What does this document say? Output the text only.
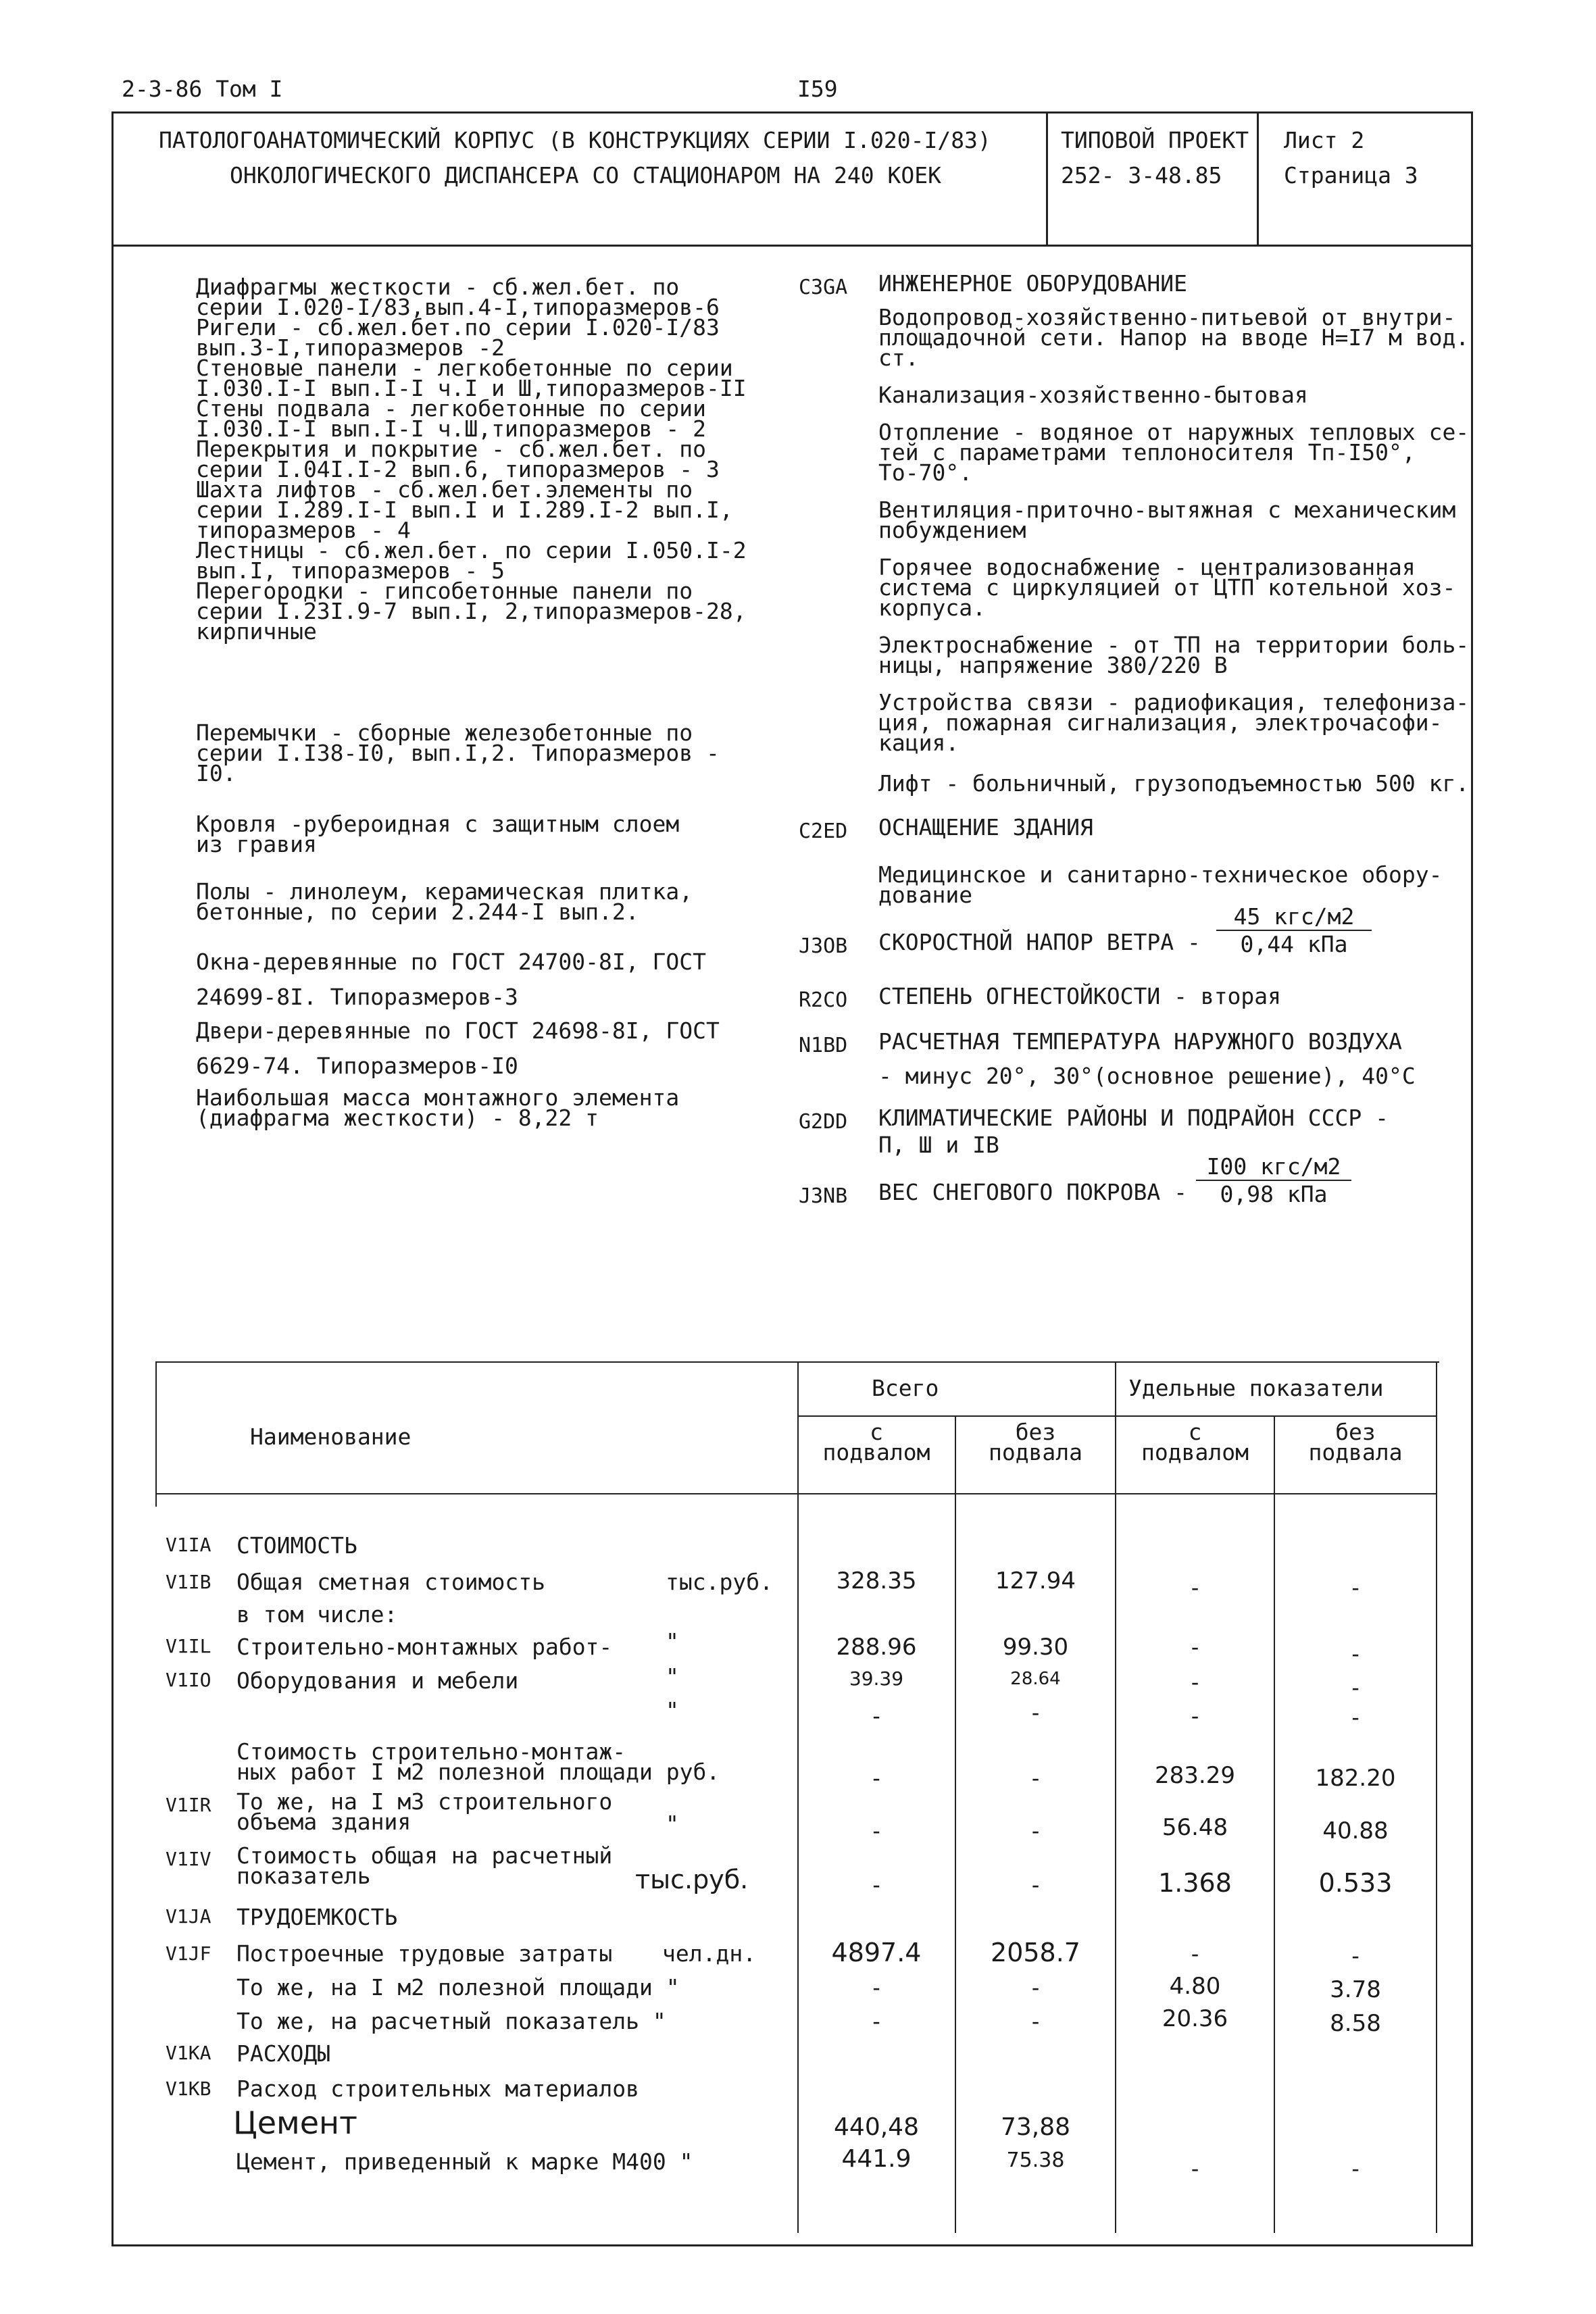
2-3-86 Том I	I59
ПАТОЛОГОАНАТОМИЧЕСКИЙ КОРПУС (В КОНСТРУКЦИЯХ СЕРИИ I.020-I/83)
ОНКОЛОГИЧЕСКОГО ДИСПАНСЕРА СО СТАЦИОНАРОМ НА 240 КОЕК
ТИПОВОЙ ПРОЕКТ
252- 3-48.85
Лист 2
Страница 3
Диафрагмы жесткости - сб.жел.бет. по
серии I.020-I/83,вып.4-I,типоразмеров-6
Ригели - сб.жел.бет.по серии I.020-I/83
вып.3-I,типоразмеров -2
Стеновые панели - легкобетонные по серии
I.030.I-I вып.I-I ч.I и Ш,типоразмеров-II
Стены подвала - легкобетонные по серии
I.030.I-I вып.I-I ч.Ш,типоразмеров - 2
Перекрытия и покрытие - сб.жел.бет. по
серии I.04I.I-2 вып.6, типоразмеров - 3
Шахта лифтов - сб.жел.бет.элементы по
серии I.289.I-I вып.I и I.289.I-2 вып.I,
типоразмеров - 4
Лестницы - сб.жел.бет. по серии I.050.I-2
вып.I, типоразмеров - 5
Перегородки - гипсобетонные панели по
серии I.23I.9-7 вып.I, 2,типоразмеров-28,
кирпичные
Перемычки - сборные железобетонные по
серии I.I38-I0, вып.I,2. Типоразмеров -
I0.
Кровля -рубероидная с защитным слоем
из гравия
Полы - линолеум, керамическая плитка,
бетонные, по серии 2.244-I вып.2.
Окна-деревянные по ГОСТ 24700-8I, ГОСТ
24699-8I. Типоразмеров-3
Двери-деревянные по ГОСТ 24698-8I, ГОСТ
6629-74. Типоразмеров-I0
Наибольшая масса монтажного элемента
(диафрагма жесткости) - 8,22 т
C3GA	ИНЖЕНЕРНОЕ ОБОРУДОВАНИЕ
Водопровод-хозяйственно-питьевой от внутри-
площадочной сети. Напор на вводе H=I7 м вод.
ст.
Канализация-хозяйственно-бытовая
Отопление - водяное от наружных тепловых се-
тей с параметрами теплоносителя Тп-I50°,
То-70°.
Вентиляция-приточно-вытяжная с механическим
побуждением
Горячее водоснабжение - централизованная
система с циркуляцией от ЦТП котельной хоз-
корпуса.
Электроснабжение - от ТП на территории боль-
ницы, напряжение 380/220 В
Устройства связи - радиофикация, телефониза-
ция, пожарная сигнализация, электрочасофи-
кация.
Лифт - больничный, грузоподъемностью 500 кг.
C2ED	ОСНАЩЕНИЕ ЗДАНИЯ
Медицинское и санитарно-техническое обору-
дование
J3OB	СКОРОСТНОЙ НАПОР ВЕТРА -
45 кгс/м2
0,44 кПа
R2CO	СТЕПЕНЬ ОГНЕСТОЙКОСТИ - вторая
N1BD	РАСЧЕТНАЯ ТЕМПЕРАТУРА НАРУЖНОГО ВОЗДУХА
- минус 20°, 30°(основное решение), 40°С
G2DD	КЛИМАТИЧЕСКИЕ РАЙОНЫ И ПОДРАЙОН СССР -
П, Ш и IВ
J3NB	ВЕС СНЕГОВОГО ПОКРОВА -
I00 кгс/м2
0,98 кПа
Наименование
Всего	Удельные показатели
с
подвалом
без
подвала
с
подвалом
без
подвала
V1IA СТОИМОСТЬ
V1IB Общая сметная стоимость	тыс.руб.	328.35	127.94	-	-
в том числе:
V1IL Строительно-монтажных работ- "	288.96	99.30	-	-
V1IO Оборудования и мебели	"	39.39	28.64	-	-
"	-	-	-	-
Стоимость строительно-монтаж-
ных работ I м2 полезной площади руб.	-	-	283.29	182.20
V1IR То же, на I м3 строительного
объема здания	"	-	-	56.48	40.88
V1IV Стоимость общая на расчетный
показатель	тыс.руб.	-	-	1.368	0.533
V1JA ТРУДОЕМКОСТЬ
V1JF Построечные трудовые затраты чел.дн.	4897.4	2058.7	-	-
То же, на I м2 полезной площади "	-	-	4.80	3.78
То же, на расчетный показатель "	-	-	20.36	8.58
V1KA РАСХОДЫ
V1KB Расход строительных материалов
Цемент	440,48	73,88
Цемент, приведенный к марке М400 "	441.9	75.38	-	-
